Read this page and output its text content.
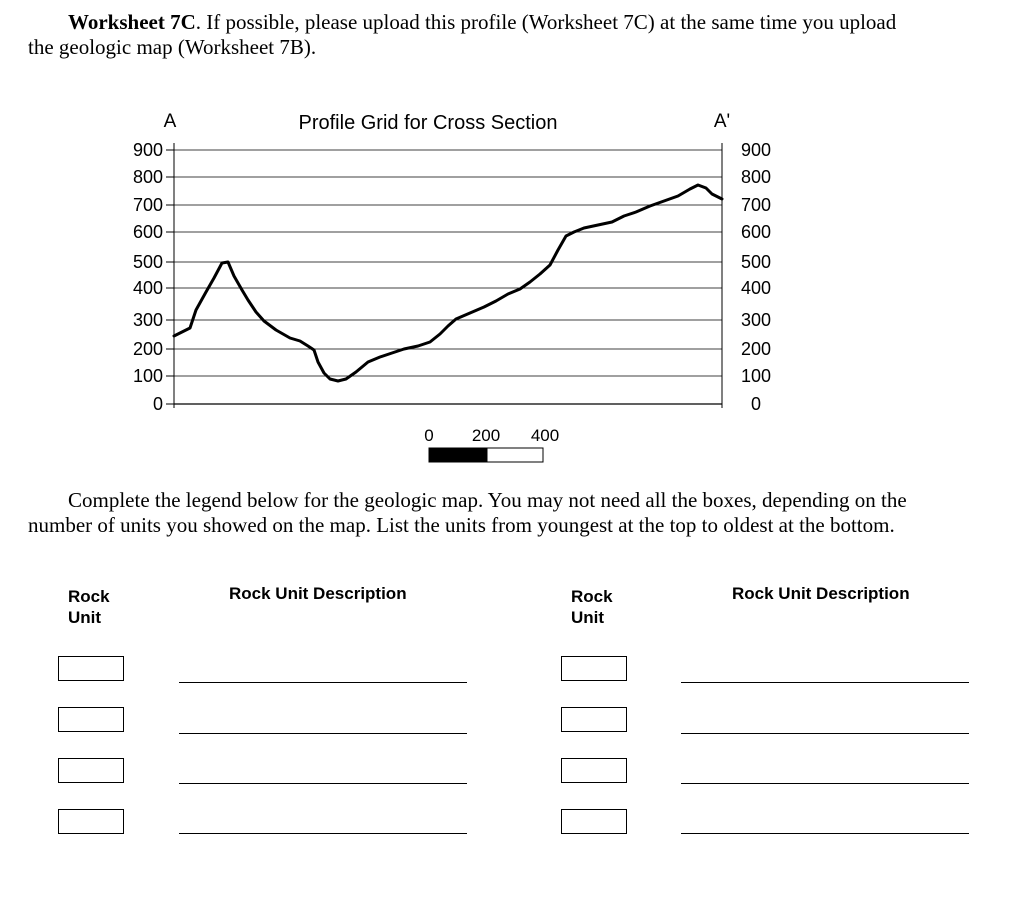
Worksheet 7C. If possible, please upload this profile (Worksheet 7C) at the same time you upload
the geologic map (Worksheet 7B).
A	Profile Grid for Cross Section	A'
900	900
800	800
700	700
600	600
500	500
400	400
300	300
200	200
100	100
0	0
0 200 400
Complete the legend below for the geologic map. You may not need all the boxes, depending on the
number of units you showed on the map. List the units from youngest at the top to oldest at the bottom.
Rock
Unit
Rock Unit Description	Rock
Unit
Rock Unit Description
